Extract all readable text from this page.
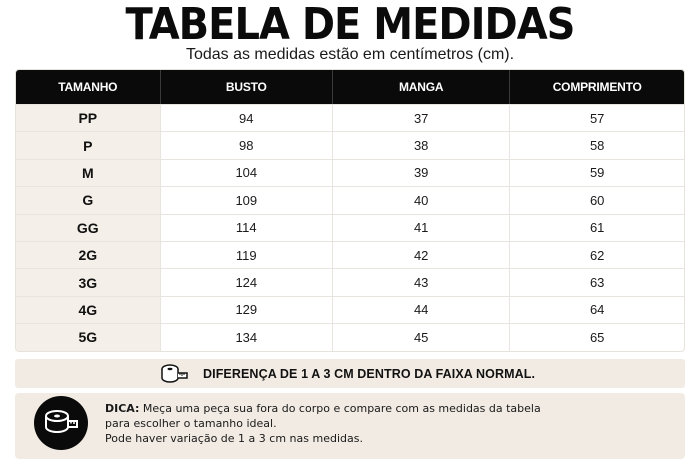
TABELA DE MEDIDAS
Todas as medidas estão em centímetros (cm).
TAMANHO	BUSTO	MANGA	COMPRIMENTO
PP	94	37	57
P	98	38	58
M	104	39	59
G	109	40	60
GG	114	41	61
2G	119	42	62
3G	124	43	63
4G	129	44	64
5G	134	45	65
DIFERENÇA DE 1 A 3 CM DENTRO DA FAIXA NORMAL.
DICA: Meça uma peça sua fora do corpo e compare com as medidas da tabela
para escolher o tamanho ideal.
Pode haver variação de 1 a 3 cm nas medidas.
